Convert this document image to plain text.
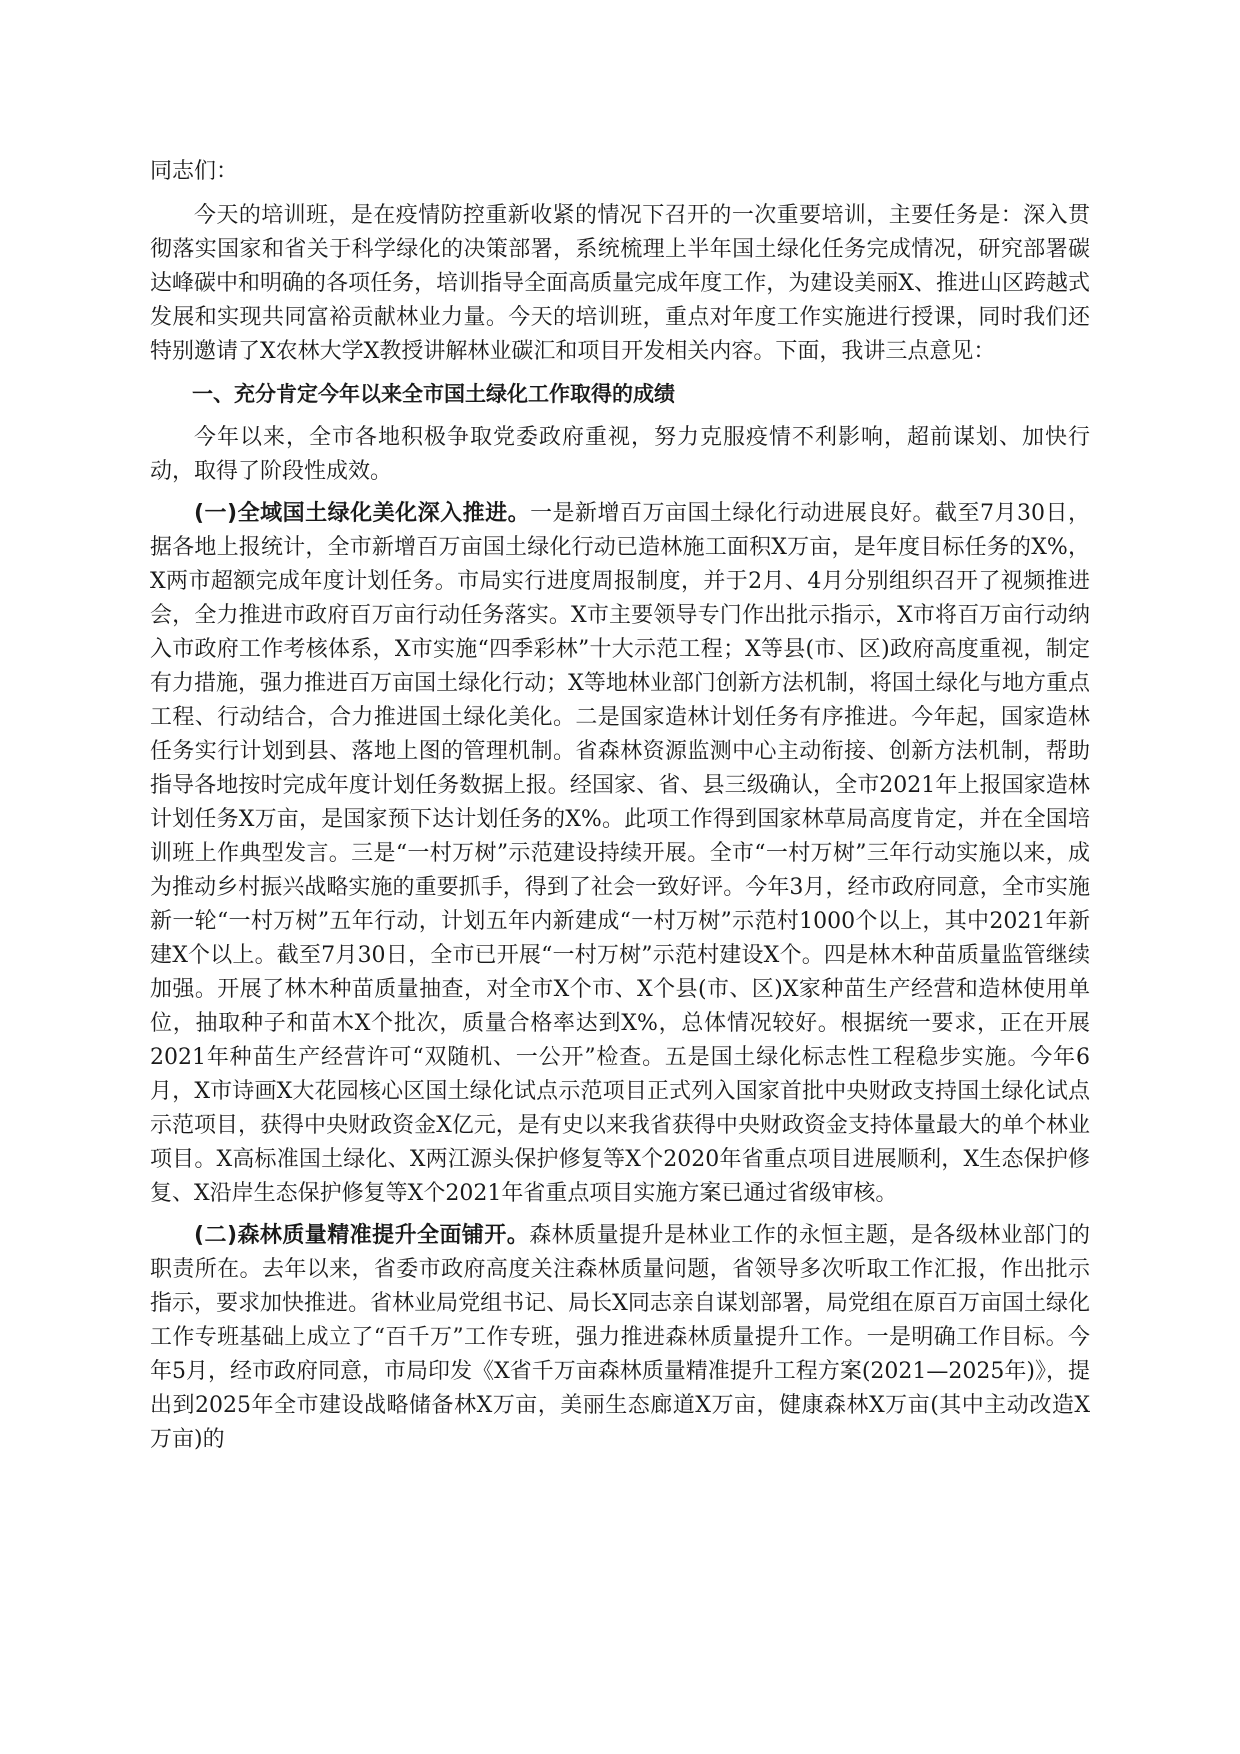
同志们：

今天的培训班，是在疫情防控重新收紧的情况下召开的一次重要培训，主要任务是：深入贯彻落实国家和省关于科学绿化的决策部署，系统梳理上半年国土绿化任务完成情况，研究部署碳达峰碳中和明确的各项任务，培训指导全面高质量完成年度工作，为建设美丽X、推进山区跨越式发展和实现共同富裕贡献林业力量。今天的培训班，重点对年度工作实施进行授课，同时我们还特别邀请了X农林大学X教授讲解林业碳汇和项目开发相关内容。下面，我讲三点意见：

一、充分肯定今年以来全市国土绿化工作取得的成绩

今年以来，全市各地积极争取党委政府重视，努力克服疫情不利影响，超前谋划、加快行动，取得了阶段性成效。

(一)全域国土绿化美化深入推进。一是新增百万亩国土绿化行动进展良好。截至7月30日，据各地上报统计，全市新增百万亩国土绿化行动已造林施工面积X万亩，是年度目标任务的X%，X两市超额完成年度计划任务。市局实行进度周报制度，并于2月、4月分别组织召开了视频推进会，全力推进市政府百万亩行动任务落实。X市主要领导专门作出批示指示，X市将百万亩行动纳入市政府工作考核体系，X市实施“四季彩林”十大示范工程；X等县(市、区)政府高度重视，制定有力措施，强力推进百万亩国土绿化行动；X等地林业部门创新方法机制，将国土绿化与地方重点工程、行动结合，合力推进国土绿化美化。二是国家造林计划任务有序推进。今年起，国家造林任务实行计划到县、落地上图的管理机制。省森林资源监测中心主动衔接、创新方法机制，帮助指导各地按时完成年度计划任务数据上报。经国家、省、县三级确认，全市2021年上报国家造林计划任务X万亩，是国家预下达计划任务的X%。此项工作得到国家林草局高度肯定，并在全国培训班上作典型发言。三是“一村万树”示范建设持续开展。全市“一村万树”三年行动实施以来，成为推动乡村振兴战略实施的重要抓手，得到了社会一致好评。今年3月，经市政府同意，全市实施新一轮“一村万树”五年行动，计划五年内新建成“一村万树”示范村1000个以上，其中2021年新建X个以上。截至7月30日，全市已开展“一村万树”示范村建设X个。四是林木种苗质量监管继续加强。开展了林木种苗质量抽查，对全市X个市、X个县(市、区)X家种苗生产经营和造林使用单位，抽取种子和苗木X个批次，质量合格率达到X%，总体情况较好。根据统一要求，正在开展2021年种苗生产经营许可“双随机、一公开”检查。五是国土绿化标志性工程稳步实施。今年6月，X市诗画X大花园核心区国土绿化试点示范项目正式列入国家首批中央财政支持国土绿化试点示范项目，获得中央财政资金X亿元，是有史以来我省获得中央财政资金支持体量最大的单个林业项目。X高标准国土绿化、X两江源头保护修复等X个2020年省重点项目进展顺利，X生态保护修复、X沿岸生态保护修复等X个2021年省重点项目实施方案已通过省级审核。

(二)森林质量精准提升全面铺开。森林质量提升是林业工作的永恒主题，是各级林业部门的职责所在。去年以来，省委市政府高度关注森林质量问题，省领导多次听取工作汇报，作出批示指示，要求加快推进。省林业局党组书记、局长X同志亲自谋划部署，局党组在原百万亩国土绿化工作专班基础上成立了“百千万”工作专班，强力推进森林质量提升工作。一是明确工作目标。今年5月，经市政府同意，市局印发《X省千万亩森林质量精准提升工程方案(2021—2025年)》，提出到2025年全市建设战略储备林X万亩，美丽生态廊道X万亩，健康森林X万亩(其中主动改造X万亩)的
